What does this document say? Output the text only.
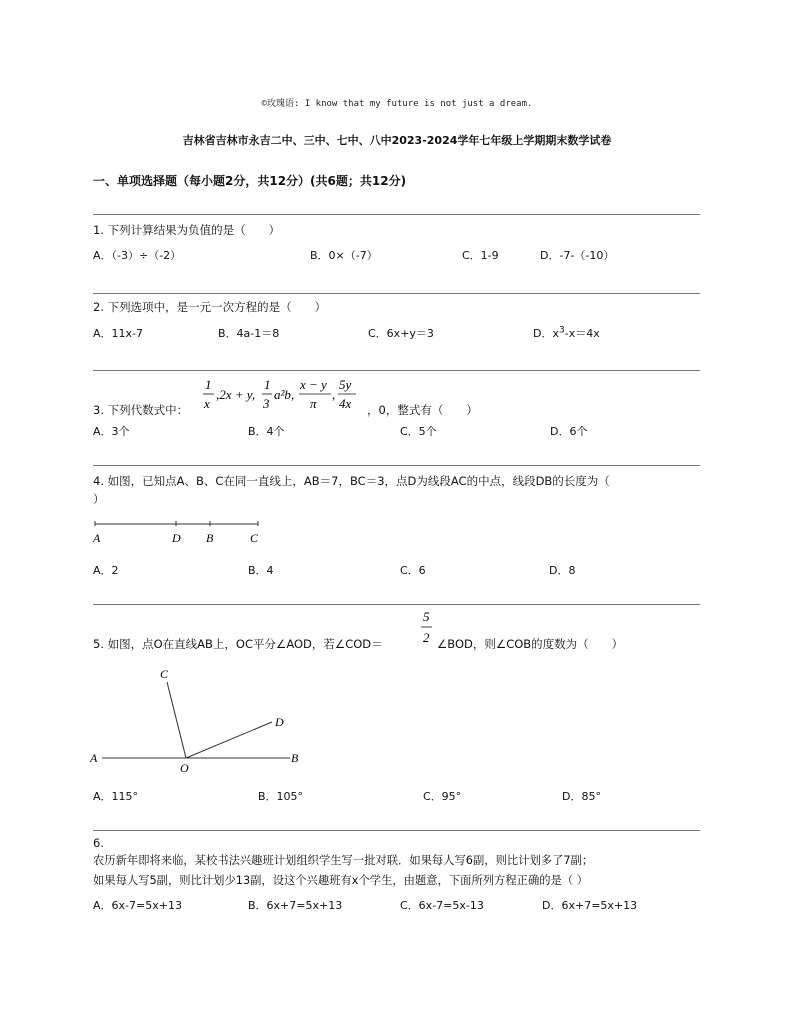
©玫瑰语: I know that my future is not just a dream.
吉林省吉林市永吉二中、三中、七中、八中2023-2024学年七年级上学期期末数学试卷
一、单项选择题（每小题2分，共12分）(共6题；共12分)
1. 下列计算结果为负值的是（　　）
A．（-3）÷（-2）	B．0×（-7）	C．1-9	D．-7-（-10）
2. 下列选项中，是一元一次方程的是（　　）
A．11x-7	B．4a-1＝8	C．6x+y＝3	D．$x^3-x=4x$
3. 下列代数式中：
1
x
,2x + y,
1
3
a²b,
x − y
π
,
5y
4x ，0，整式有（　　）
A．3个	B．4个	C．5个	D．6个
4. 如图，已知点A、B、C在同一直线上，AB＝7，BC＝3，点D为线段AC的中点，线段DB的长度为（
）
A	D B	C
A．2	B．4	C．6	D．8
5. 如图，点O在直线AB上，OC平分∠AOD，若∠COD＝
5
2 ∠BOD，则∠COB的度数为（　　）
A	B
C
D
O
A．115°	B．105°	C．95°	D．85°
6.
农历新年即将来临，某校书法兴趣班计划组织学生写一批对联．如果每人写6副，则比计划多了7副；
如果每人写5副，则比计划少13副，设这个兴趣班有x个学生，由题意，下面所列方程正确的是（ ）
A．6x-7=5x+13	B．6x+7=5x+13	C．6x-7=5x-13	D．6x+7=5x+13
